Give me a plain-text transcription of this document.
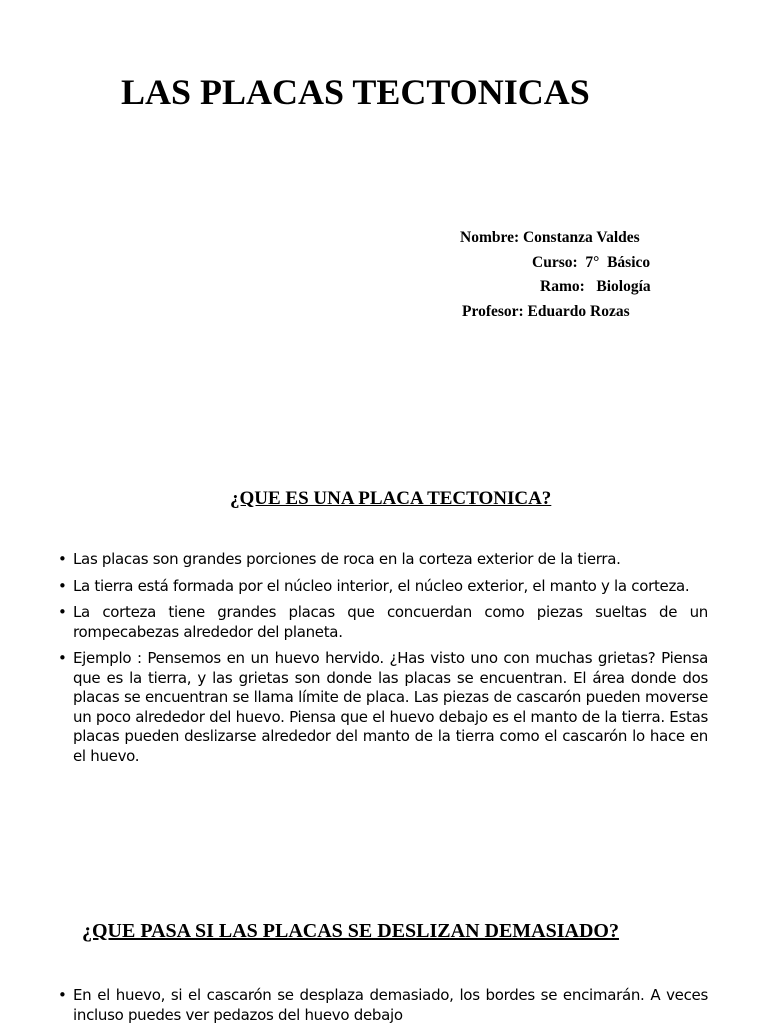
LAS PLACAS TECTONICAS
Nombre: Constanza Valdes
Curso:  7°  Básico
Ramo:   Biología
Profesor: Eduardo Rozas
¿QUE ES UNA PLACA TECTONICA?
• Las placas son grandes porciones de roca en la corteza exterior de la tierra.
• La tierra está formada por el núcleo interior, el núcleo exterior, el manto y la corteza.
• La corteza tiene grandes placas que concuerdan como piezas sueltas de un rompecabezas alrededor del planeta.
• Ejemplo : Pensemos en un huevo hervido. ¿Has visto uno con muchas grietas? Piensa que es la tierra, y las grietas son donde las placas se encuentran. El área donde dos placas se encuentran se llama límite de placa. Las piezas de cascarón pueden moverse un poco alrededor del huevo. Piensa que el huevo debajo es el manto de la tierra. Estas placas pueden deslizarse alrededor del manto de la tierra como el cascarón lo hace en el huevo.
¿QUE PASA SI LAS PLACAS SE DESLIZAN DEMASIADO?
• En el huevo, si el cascarón se desplaza demasiado, los bordes se encimarán. A veces incluso puedes ver pedazos del huevo debajo
